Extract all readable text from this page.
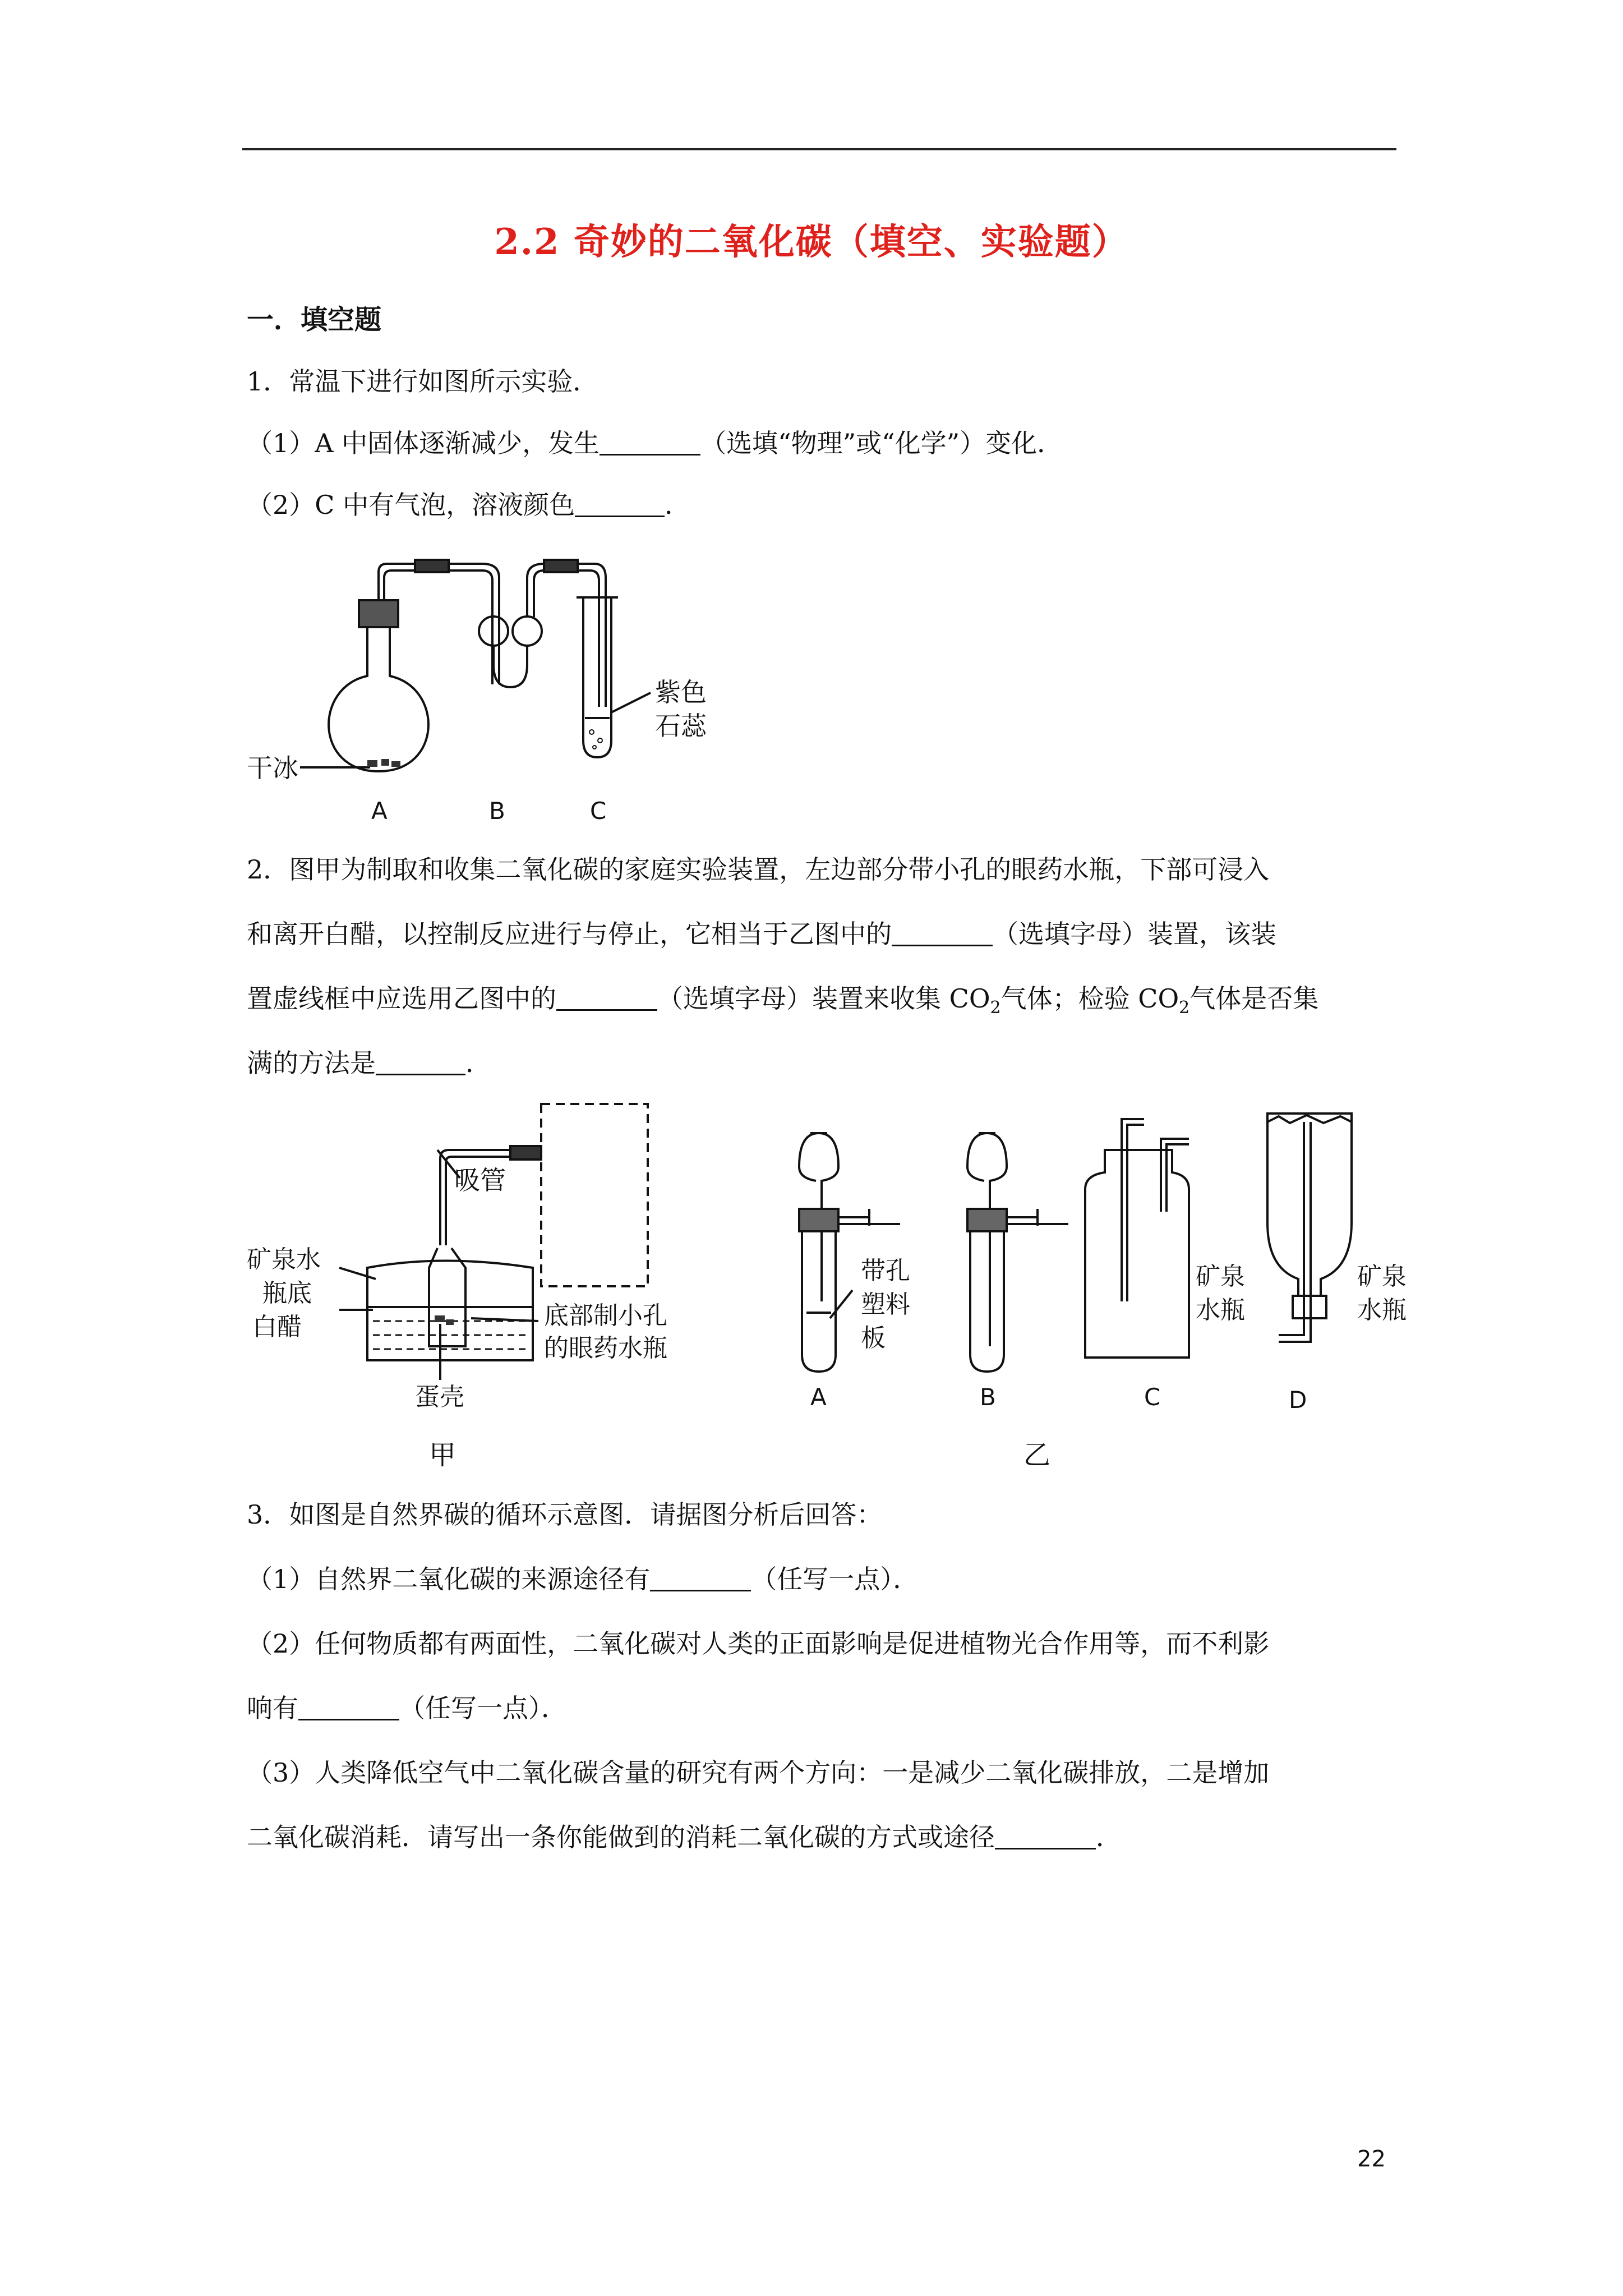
2.2 奇妙的二氧化碳（填空、实验题）
一．填空题
1．常温下进行如图所示实验．
（1）A 中固体逐渐减少，发生	（选填“物理”或“化学”）变化．
（2）C 中有气泡，溶液颜色	．
干冰
紫色
石蕊
A	B	C
2．图甲为制取和收集二氧化碳的家庭实验装置，左边部分带小孔的眼药水瓶，下部可浸入
和离开白醋，以控制反应进行与停止，它相当于乙图中的	（选填字母）装置，该装
置虚线框中应选用乙图中的	（选填字母）装置来收集 $CO_2$气体；检验 $CO_2$气体是否集
满的方法是	．
吸管
矿泉水
瓶底
白醋	底部制小孔
的眼药水瓶
蛋壳
甲
带孔
塑料
板
矿泉
水瓶
矿泉
水瓶
A	B	C	D
乙
3．如图是自然界碳的循环示意图．请据图分析后回答：
（1）自然界二氧化碳的来源途径有	（任写一点）．
（2）任何物质都有两面性，二氧化碳对人类的正面影响是促进植物光合作用等，而不利影
响有	（任写一点）．
（3）人类降低空气中二氧化碳含量的研究有两个方向：一是减少二氧化碳排放，二是增加
二氧化碳消耗．请写出一条你能做到的消耗二氧化碳的方式或途径	．
22
